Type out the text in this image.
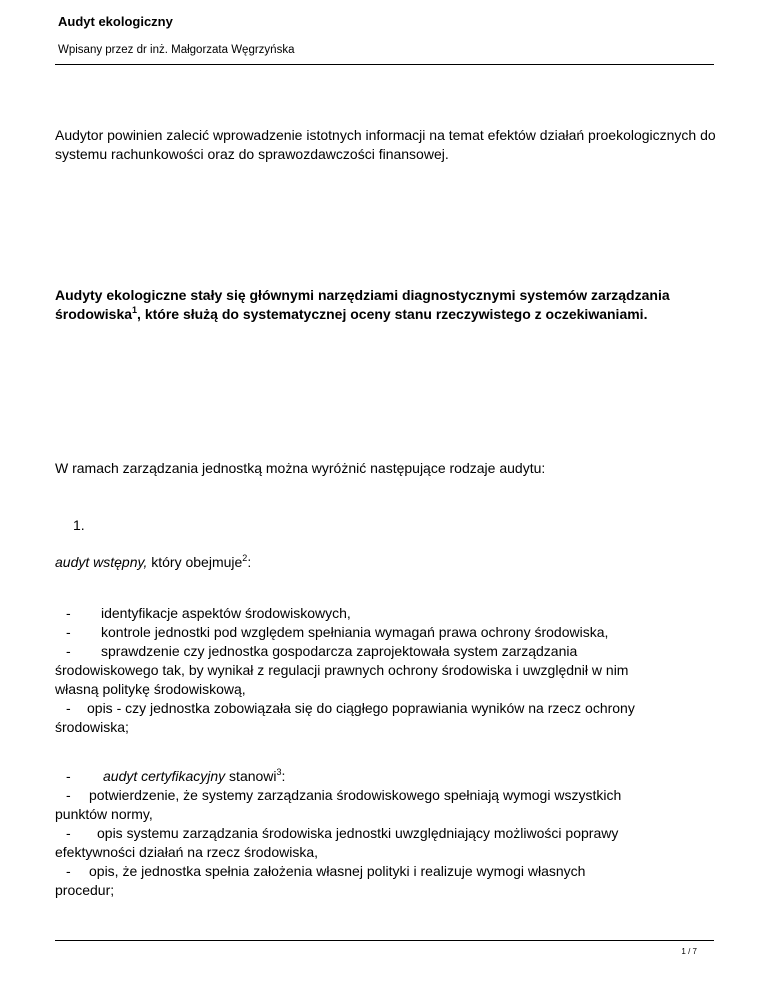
Audyt ekologiczny
Wpisany przez dr inż. Małgorzata Węgrzyńska

Audytor powinien zalecić wprowadzenie istotnych informacji na temat efektów działań proekologicznych do systemu rachunkowości oraz do sprawozdawczości finansowej.

Audyty ekologiczne stały się głównymi narzędziami diagnostycznymi systemów zarządzania środowiska$^1$, które służą do systematycznej oceny stanu rzeczywistego z oczekiwaniami.

W ramach zarządzania jednostką można wyróżnić następujące rodzaje audytu:

1.

audyt wstępny, który obejmuje$^2$:

- identyfikacje aspektów środowiskowych,

- kontrole jednostki pod względem spełniania wymagań prawa ochrony środowiska,

- sprawdzenie czy jednostka gospodarcza zaprojektowała system zarządzania

środowiskowego tak, by wynikał z regulacji prawnych ochrony środowiska i uwzględnił w nim

własną politykę środowiskową,

- opis - czy jednostka zobowiązała się do ciągłego poprawiania wyników na rzecz ochrony

środowiska;

- audyt certyfikacyjny stanowi$^3$:

- potwierdzenie, że systemy zarządzania środowiskowego spełniają wymogi wszystkich

punktów normy,

- opis systemu zarządzania środowiska jednostki uwzględniający możliwości poprawy

efektywności działań na rzecz środowiska,

- opis, że jednostka spełnia założenia własnej polityki i realizuje wymogi własnych

procedur;

1 / 7
